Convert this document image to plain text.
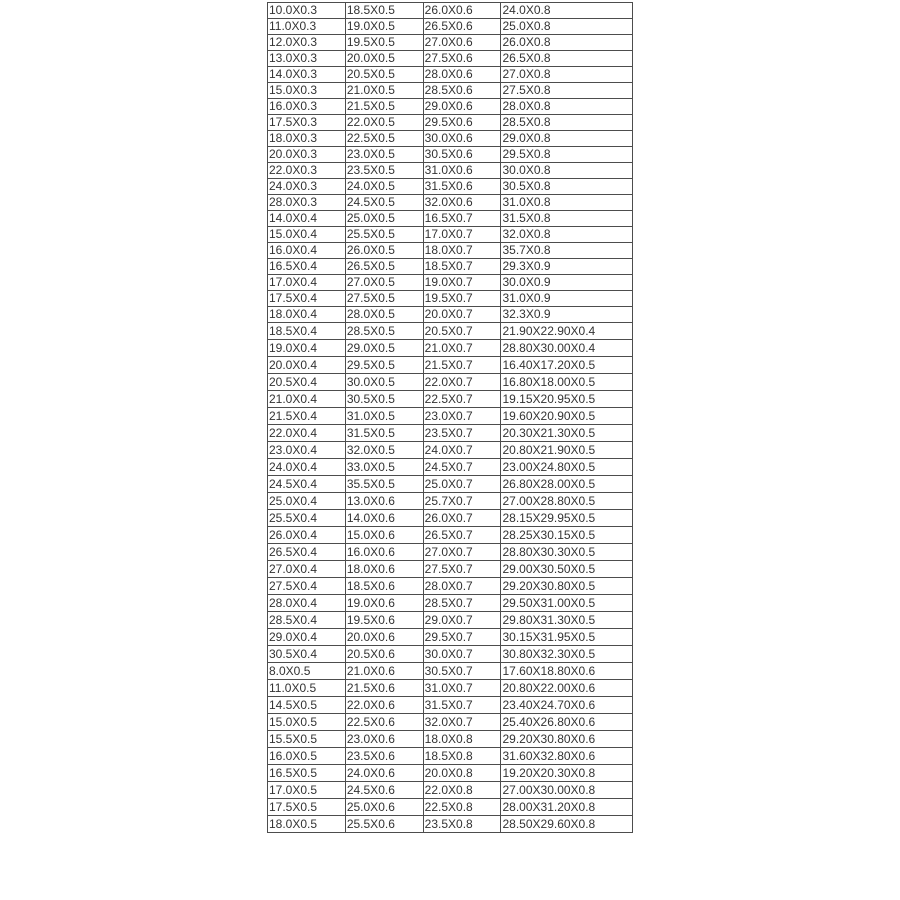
10.0X0.3	18.5X0.5	26.0X0.6	24.0X0.8
11.0X0.3	19.0X0.5	26.5X0.6	25.0X0.8
12.0X0.3	19.5X0.5	27.0X0.6	26.0X0.8
13.0X0.3	20.0X0.5	27.5X0.6	26.5X0.8
14.0X0.3	20.5X0.5	28.0X0.6	27.0X0.8
15.0X0.3	21.0X0.5	28.5X0.6	27.5X0.8
16.0X0.3	21.5X0.5	29.0X0.6	28.0X0.8
17.5X0.3	22.0X0.5	29.5X0.6	28.5X0.8
18.0X0.3	22.5X0.5	30.0X0.6	29.0X0.8
20.0X0.3	23.0X0.5	30.5X0.6	29.5X0.8
22.0X0.3	23.5X0.5	31.0X0.6	30.0X0.8
24.0X0.3	24.0X0.5	31.5X0.6	30.5X0.8
28.0X0.3	24.5X0.5	32.0X0.6	31.0X0.8
14.0X0.4	25.0X0.5	16.5X0.7	31.5X0.8
15.0X0.4	25.5X0.5	17.0X0.7	32.0X0.8
16.0X0.4	26.0X0.5	18.0X0.7	35.7X0.8
16.5X0.4	26.5X0.5	18.5X0.7	29.3X0.9
17.0X0.4	27.0X0.5	19.0X0.7	30.0X0.9
17.5X0.4	27.5X0.5	19.5X0.7	31.0X0.9
18.0X0.4	28.0X0.5	20.0X0.7	32.3X0.9
18.5X0.4	28.5X0.5	20.5X0.7	21.90X22.90X0.4
19.0X0.4	29.0X0.5	21.0X0.7	28.80X30.00X0.4
20.0X0.4	29.5X0.5	21.5X0.7	16.40X17.20X0.5
20.5X0.4	30.0X0.5	22.0X0.7	16.80X18.00X0.5
21.0X0.4	30.5X0.5	22.5X0.7	19.15X20.95X0.5
21.5X0.4	31.0X0.5	23.0X0.7	19.60X20.90X0.5
22.0X0.4	31.5X0.5	23.5X0.7	20.30X21.30X0.5
23.0X0.4	32.0X0.5	24.0X0.7	20.80X21.90X0.5
24.0X0.4	33.0X0.5	24.5X0.7	23.00X24.80X0.5
24.5X0.4	35.5X0.5	25.0X0.7	26.80X28.00X0.5
25.0X0.4	13.0X0.6	25.7X0.7	27.00X28.80X0.5
25.5X0.4	14.0X0.6	26.0X0.7	28.15X29.95X0.5
26.0X0.4	15.0X0.6	26.5X0.7	28.25X30.15X0.5
26.5X0.4	16.0X0.6	27.0X0.7	28.80X30.30X0.5
27.0X0.4	18.0X0.6	27.5X0.7	29.00X30.50X0.5
27.5X0.4	18.5X0.6	28.0X0.7	29.20X30.80X0.5
28.0X0.4	19.0X0.6	28.5X0.7	29.50X31.00X0.5
28.5X0.4	19.5X0.6	29.0X0.7	29.80X31.30X0.5
29.0X0.4	20.0X0.6	29.5X0.7	30.15X31.95X0.5
30.5X0.4	20.5X0.6	30.0X0.7	30.80X32.30X0.5
8.0X0.5	21.0X0.6	30.5X0.7	17.60X18.80X0.6
11.0X0.5	21.5X0.6	31.0X0.7	20.80X22.00X0.6
14.5X0.5	22.0X0.6	31.5X0.7	23.40X24.70X0.6
15.0X0.5	22.5X0.6	32.0X0.7	25.40X26.80X0.6
15.5X0.5	23.0X0.6	18.0X0.8	29.20X30.80X0.6
16.0X0.5	23.5X0.6	18.5X0.8	31.60X32.80X0.6
16.5X0.5	24.0X0.6	20.0X0.8	19.20X20.30X0.8
17.0X0.5	24.5X0.6	22.0X0.8	27.00X30.00X0.8
17.5X0.5	25.0X0.6	22.5X0.8	28.00X31.20X0.8
18.0X0.5	25.5X0.6	23.5X0.8	28.50X29.60X0.8
